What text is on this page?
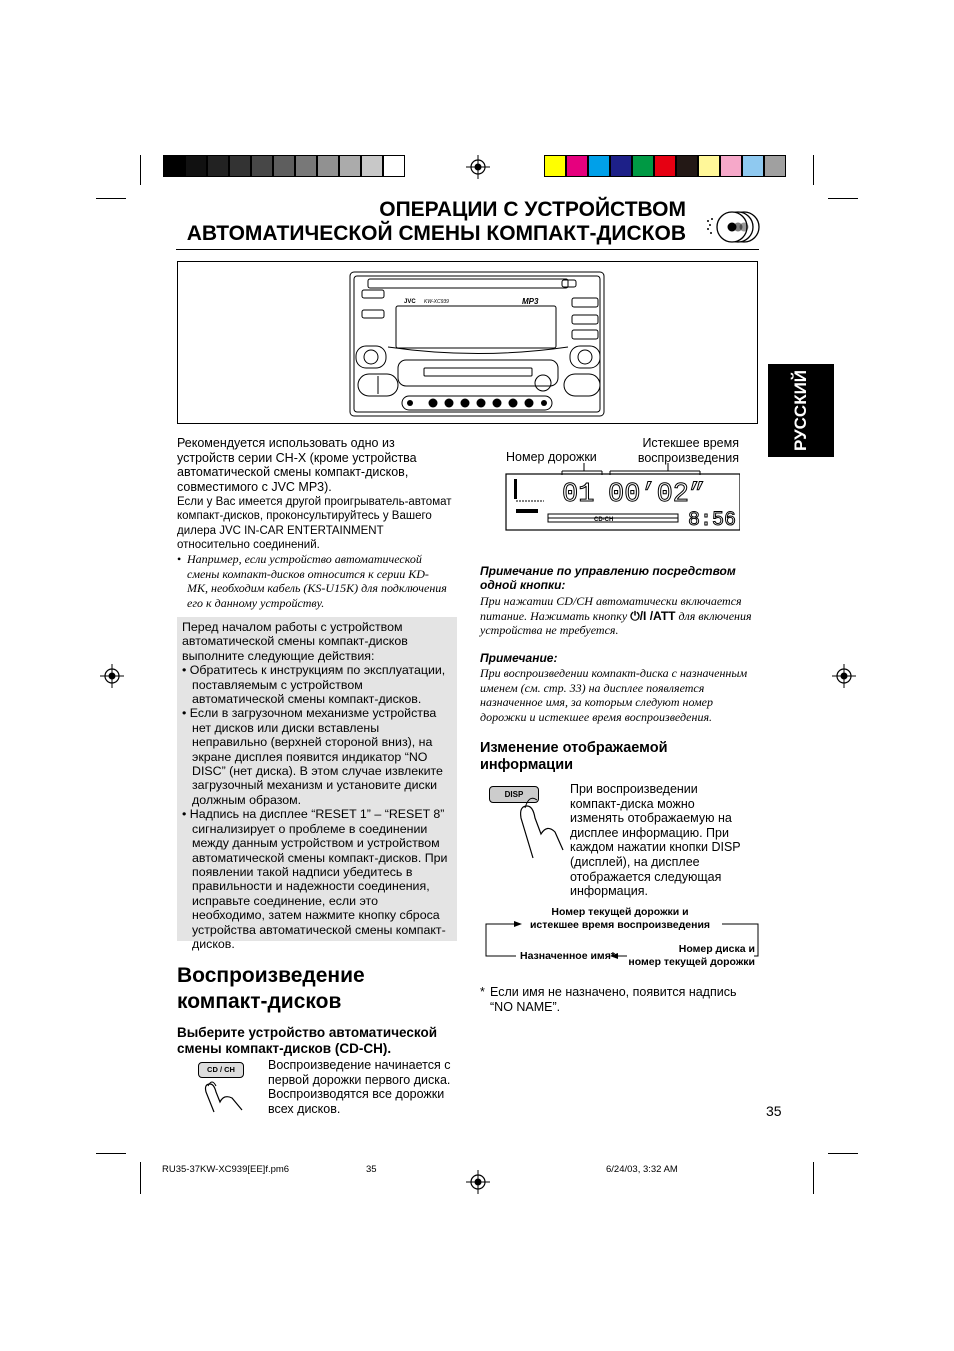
ОПЕРАЦИИ С УСТРОЙСТВОМ
АВТОМАТИЧЕСКОЙ СМЕНЫ КОМПАКТ-ДИСКОВ
РУССКИЙ
JVC KW-XC939	MP3
Рекомендуется использовать одно из устройств серии CH-X (кроме устройства автоматической смены компакт-дисков, совместимого с JVC MP3).
Если у Вас имеется другой проигрыватель-автомат компакт-дисков, проконсультируйтесь у Вашего дилера JVC IN-CAR ENTERTAINMENT относительно соединений.
• Например, если устройство автоматической смены компакт-дисков относится к серии KD-MK, необходим кабель (KS-U15K) для подключения его к данному устройству.
Перед началом работы с устройством автоматической смены компакт-дисков выполните следующие действия:
• Обратитесь к инструкциям по эксплуатации, поставляемым с устройством автоматической смены компакт-дисков.
• Если в загрузочном механизме устройства нет дисков или диски вставлены неправильно (верхней стороной вниз), на экране дисплея появится индикатор “NO DISC” (нет диска). В этом случае извлеките загрузочный механизм и установите диски должным образом.
• Надпись на дисплее “RESET 1” – “RESET 8” сигнализирует о проблеме в соединении между данным устройством и устройством автоматической смены компакт-дисков. При появлении такой надписи убедитесь в правильности и надежности соединения, исправьте соединение, если это необходимо, затем нажмите кнопку сброса устройства автоматической смены компакт-дисков.
Воспроизведение
компакт-дисков
Выберите устройство автоматической
смены компакт-дисков (CD-CH).
CD / CH	Воспроизведение начинается с первой дорожки первого диска. Воспроизводятся все дорожки всех дисков.
Номер дорожки
Истекшее время
воспроизведения
01 00’02”
8:56
CD-CH
Примечание по управлению посредством
одной кнопки:
При нажатии CD/CH автоматически включается питание. Нажимать кнопку ⏻/I /ATT для включения устройства не требуется.
Примечание:
При воспроизведении компакт-диска с назначенным именем (см. стр. 33) на дисплее появляется назначенное имя, за которым следуют номер дорожки и истекшее время воспроизведения.
Изменение отображаемой
информации
DISP	При воспроизведении компакт-диска можно изменять отображаемую на дисплее информацию. При каждом нажатии кнопки DISP (дисплей), на дисплее отображается следующая информация.
Номер текущей дорожки и
истекшее время воспроизведения
Назначенное имя*
Номер диска и
номер текущей дорожки
* Если имя не назначено, появится надпись “NO NAME”.
35
RU35-37KW-XC939[EE]f.pm6	35	6/24/03, 3:32 AM
